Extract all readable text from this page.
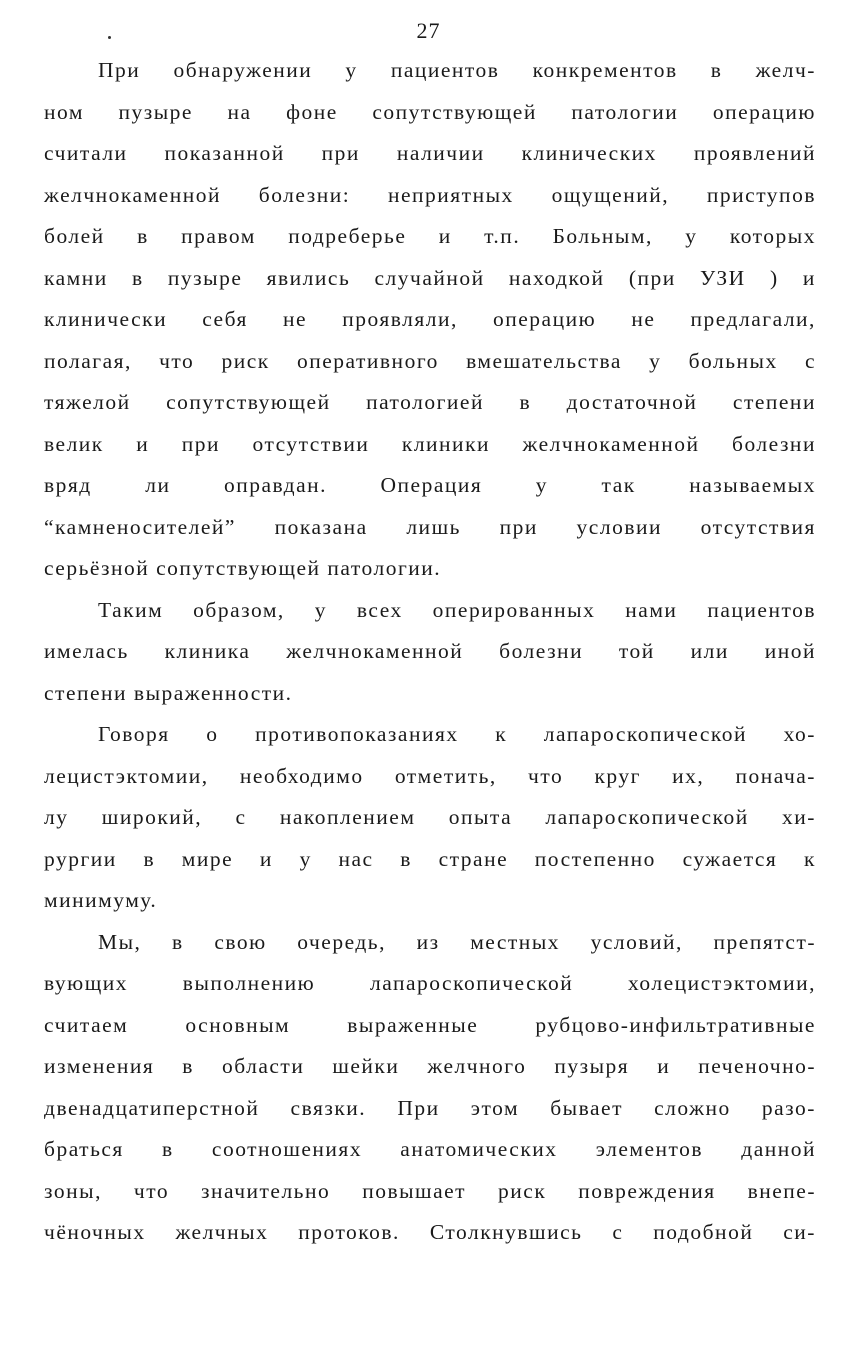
27
При обнаружении у пациентов конкрементов в желч-
ном пузыре на фоне сопутствующей патологии операцию
считали показанной при наличии клинических проявлений
желчнокаменной болезни: неприятных ощущений, приступов
болей в правом подреберье и т.п. Больным, у которых
камни в пузыре явились случайной находкой (при УЗИ ) и
клинически себя не проявляли, операцию не предлагали,
полагая, что риск оперативного вмешательства у больных с
тяжелой сопутствующей патологией в достаточной степени
велик и при отсутствии клиники желчнокаменной болезни
вряд ли оправдан. Операция у так называемых
“камненосителей” показана лишь при условии отсутствия
серьёзной сопутствующей патологии.
Таким образом, у всех оперированных нами пациентов
имелась клиника желчнокаменной болезни той или иной
степени выраженности.
Говоря о противопоказаниях к лапароскопической хо-
лецистэктомии, необходимо отметить, что круг их, понача-
лу широкий, с накоплением опыта лапароскопической хи-
рургии в мире и у нас в стране постепенно сужается к
минимуму.
Мы, в свою очередь, из местных условий, препятст-
вующих	выполнению	лапароскопической	холецистэктомии,
считаем	основным	выраженные	рубцово-инфильтративные
изменения в области шейки желчного пузыря и печеночно-
двенадцатиперстной связки. При этом бывает сложно разо-
браться в соотношениях анатомических элементов данной
зоны, что значительно повышает риск повреждения внепе-
чёночных желчных протоков. Столкнувшись с подобной си-
